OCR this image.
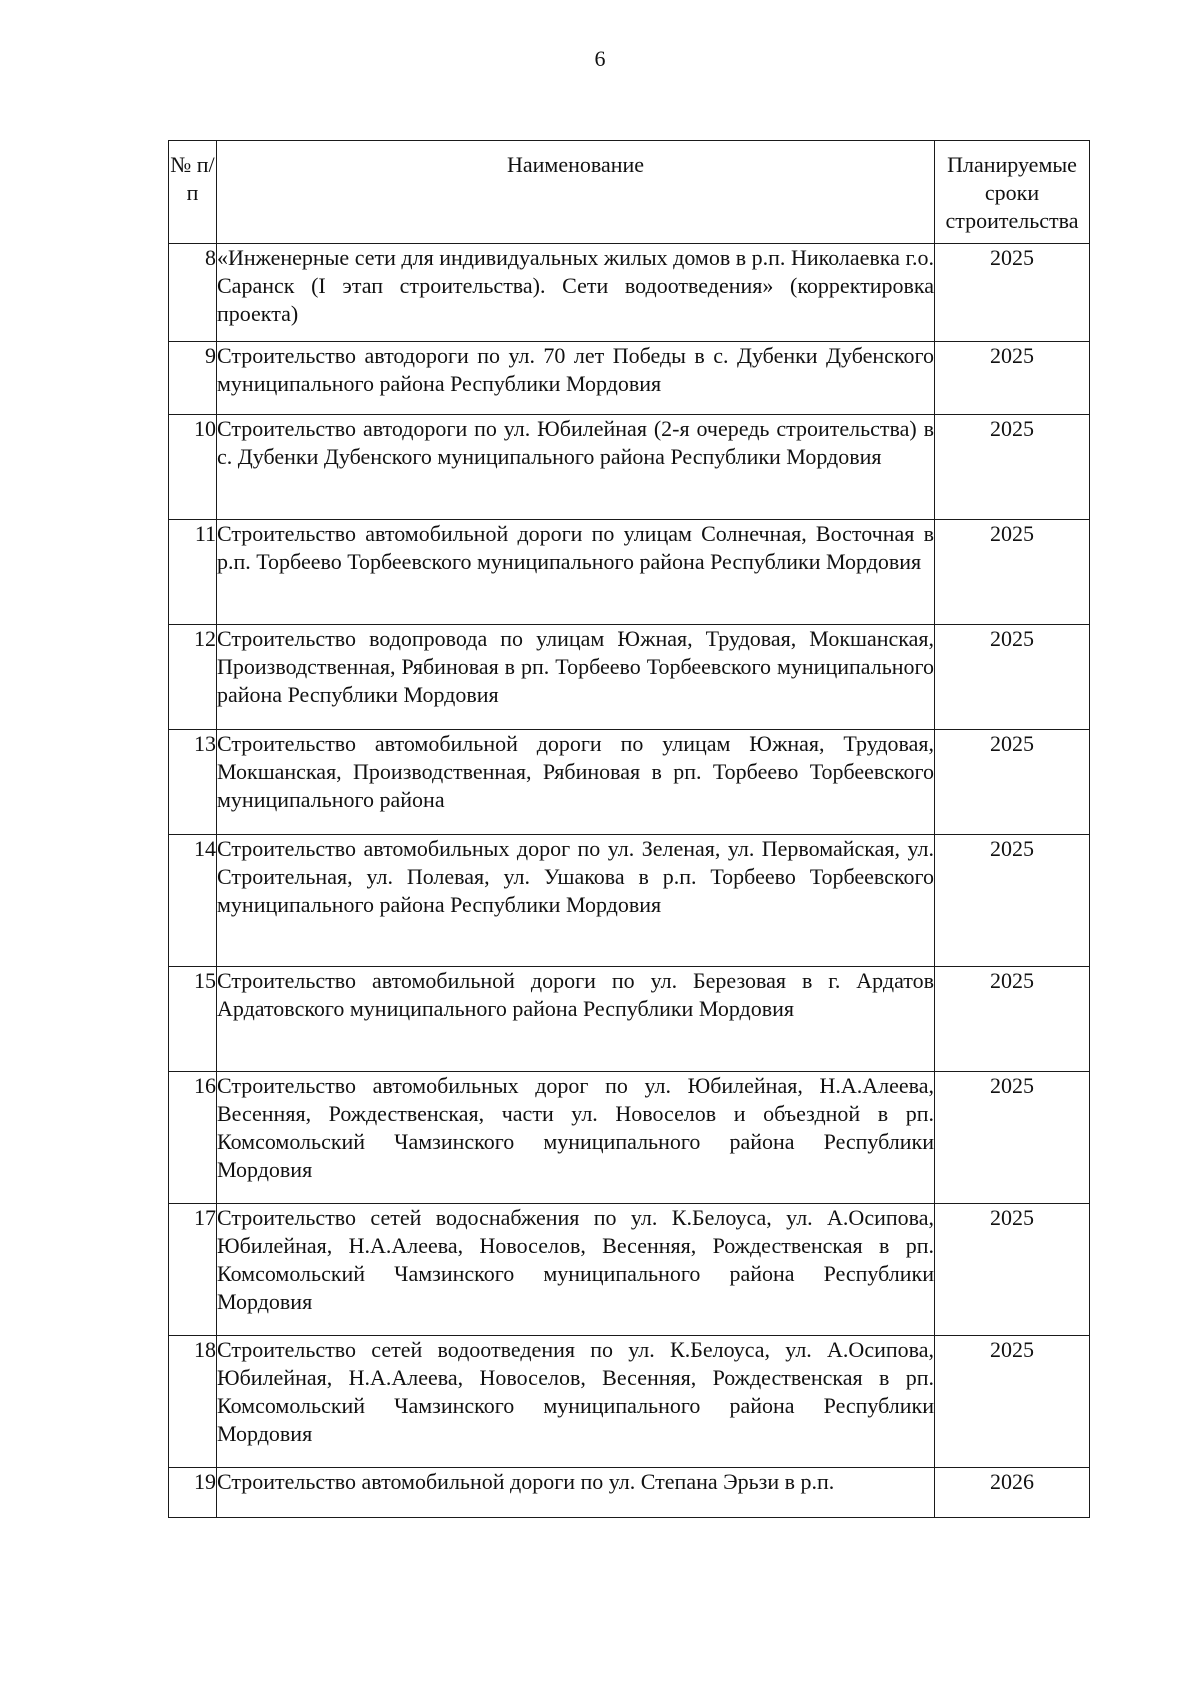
6
№ п/п	Наименование	Планируемые сроки строительства
8	«Инженерные сети для индивидуальных жилых домов в р.п. Николаевка г.о. Саранск (I этап строительства). Сети водоотведения» (корректировка проекта)	2025
9	Строительство автодороги по ул. 70 лет Победы в с. Дубенки Дубенского муниципального района Республики Мордовия	2025
10	Строительство автодороги по ул. Юбилейная (2-я очередь строительства) в с. Дубенки Дубенского муниципального района Республики Мордовия	2025
11	Строительство автомобильной дороги по улицам Солнечная, Восточная в р.п. Торбеево Торбеевского муниципального района Республики Мордовия	2025
12	Строительство водопровода по улицам Южная, Трудовая, Мокшанская, Производственная, Рябиновая в рп. Торбеево Торбеевского муниципального района Республики Мордовия	2025
13	Строительство автомобильной дороги по улицам Южная, Трудовая, Мокшанская, Производственная, Рябиновая в рп. Торбеево Торбеевского муниципального района	2025
14	Строительство автомобильных дорог по ул. Зеленая, ул. Первомайская, ул. Строительная, ул. Полевая, ул. Ушакова в р.п. Торбеево Торбеевского муниципального района Республики Мордовия	2025
15	Строительство автомобильной дороги по ул. Березовая в г. Ардатов Ардатовского муниципального района Республики Мордовия	2025
16	Строительство автомобильных дорог по ул. Юбилейная, Н.А.Алеева, Весенняя, Рождественская, части ул. Новоселов и объездной в рп. Комсомольский Чамзинского муниципального района Республики Мордовия	2025
17	Строительство сетей водоснабжения по ул. К.Белоуса, ул. А.Осипова, Юбилейная, Н.А.Алеева, Новоселов, Весенняя, Рождественская в рп. Комсомольский Чамзинского муниципального района Республики Мордовия	2025
18	Строительство сетей водоотведения по ул. К.Белоуса, ул. А.Осипова, Юбилейная, Н.А.Алеева, Новоселов, Весенняя, Рождественская в рп. Комсомольский Чамзинского муниципального района Республики Мордовия	2025
19	Строительство автомобильной дороги по ул. Степана Эрьзи в р.п.	2026
